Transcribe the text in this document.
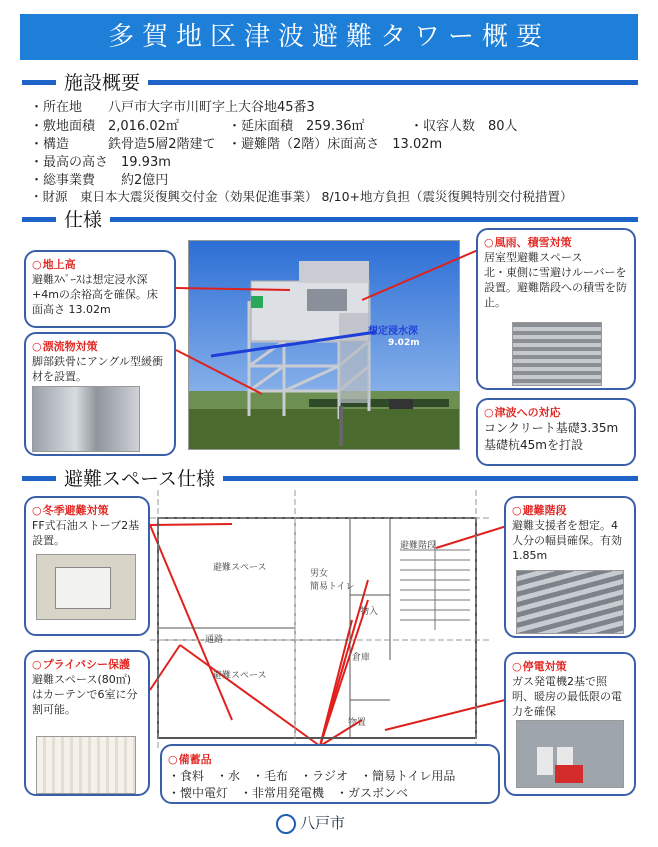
多賀地区津波避難タワー概要
施設概要
・所在地　　八戸市大字市川町字上大谷地45番3
・敷地面積　2,016.02㎡	・延床面積　259.36㎡	・収容人数　80人
・構造　　　鉄骨造5層2階建て ・避難階（2階）床面高さ　13.02m
・最高の高さ　19.93m
・総事業費　　約2億円
・財源　東日本大震災復興交付金（効果促進事業） 8/10+地方負担（震災復興特別交付税措置）
仕様
想定浸水深
9.02m
○ 地上高
避難ｽﾍﾟｰｽは想定浸水深+4mの余裕高を確保。床面高さ 13.02m
○ 漂流物対策
脚部鉄骨にアングル型緩衝材を設置。
○ 風雨、積雪対策
居室型避難スペース
北・東側に雪避けルーバーを設置。避難階段への積雪を防止。
○ 津波への対応
コンクリート基礎3.35m
基礎杭45mを打設
避難スペース仕様
避難スペース
避難スペース
通路
避難階段
男女
簡易トイレ
倉庫
物置
物入
○ 冬季避難対策
FF式石油ストーブ2基設置。
○ プライバシー保護
避難スペース(80㎡)はカーテンで6室に分割可能。
○ 避難階段
避難支援者を想定。4人分の幅員確保。有効1.85m
○ 停電対策
ガス発電機2基で照明、暖房の最低限の電力を確保
○ 備蓄品
・食料　・水　・毛布　・ラジオ　・簡易トイレ用品
・懐中電灯　・非常用発電機　・ガスボンベ
八戸市
